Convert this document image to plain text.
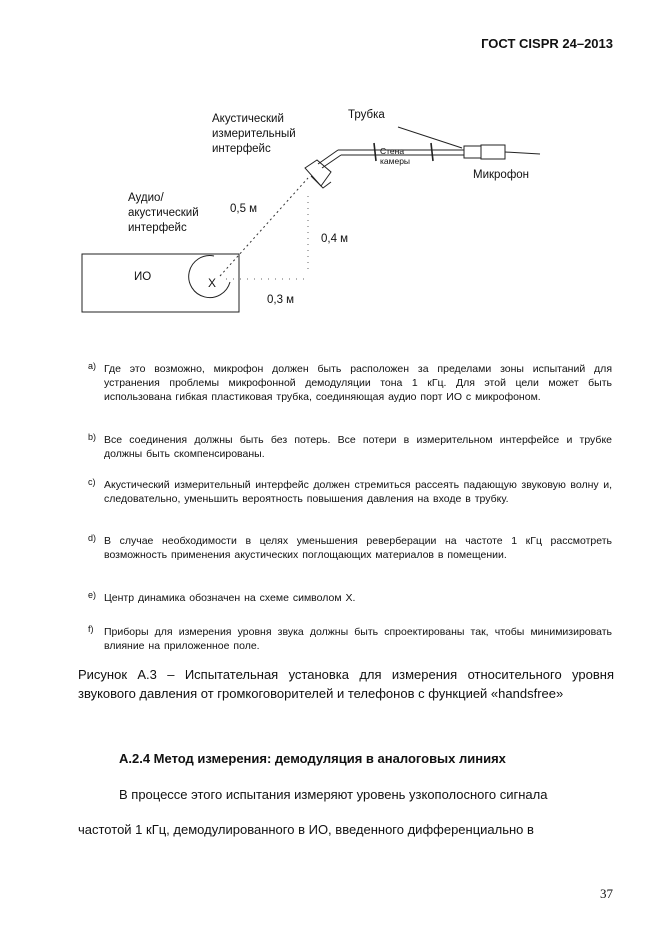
ГОСТ CISPR 24–2013
Акустический
измерительный
интерфейс
Трубка
Стена
камеры
Микрофон
Аудио/
акустический
интерфейс
0,5 м
0,4 м
0,3 м
ИО	X
a) Где это возможно, микрофон должен быть расположен за пределами зоны испытаний для устранения проблемы микрофонной демодуляции тона 1 кГц. Для этой цели может быть использована гибкая пластиковая трубка, соединяющая аудио порт ИО с микрофоном.
b) Все соединения должны быть без потерь. Все потери в измерительном интерфейсе и трубке должны быть скомпенсированы.
c) Акустический измерительный интерфейс должен стремиться рассеять падающую звуковую волну и, следовательно, уменьшить вероятность повышения давления на входе в трубку.
d) В случае необходимости в целях уменьшения реверберации на частоте 1 кГц рассмотреть возможность применения акустических поглощающих материалов в помещении.
e) Центр динамика обозначен на схеме символом X.
f) Приборы для измерения уровня звука должны быть спроектированы так, чтобы минимизировать влияние на приложенное поле.
Рисунок А.3 – Испытательная установка для измерения относительного уровня звукового давления от громкоговорителей и телефонов с функцией «handsfree»
А.2.4 Метод измерения: демодуляция в аналоговых линиях
В процессе этого испытания измеряют уровень узкополосного сигнала
частотой 1 кГц, демодулированного в ИО, введенного дифференциально в
37
